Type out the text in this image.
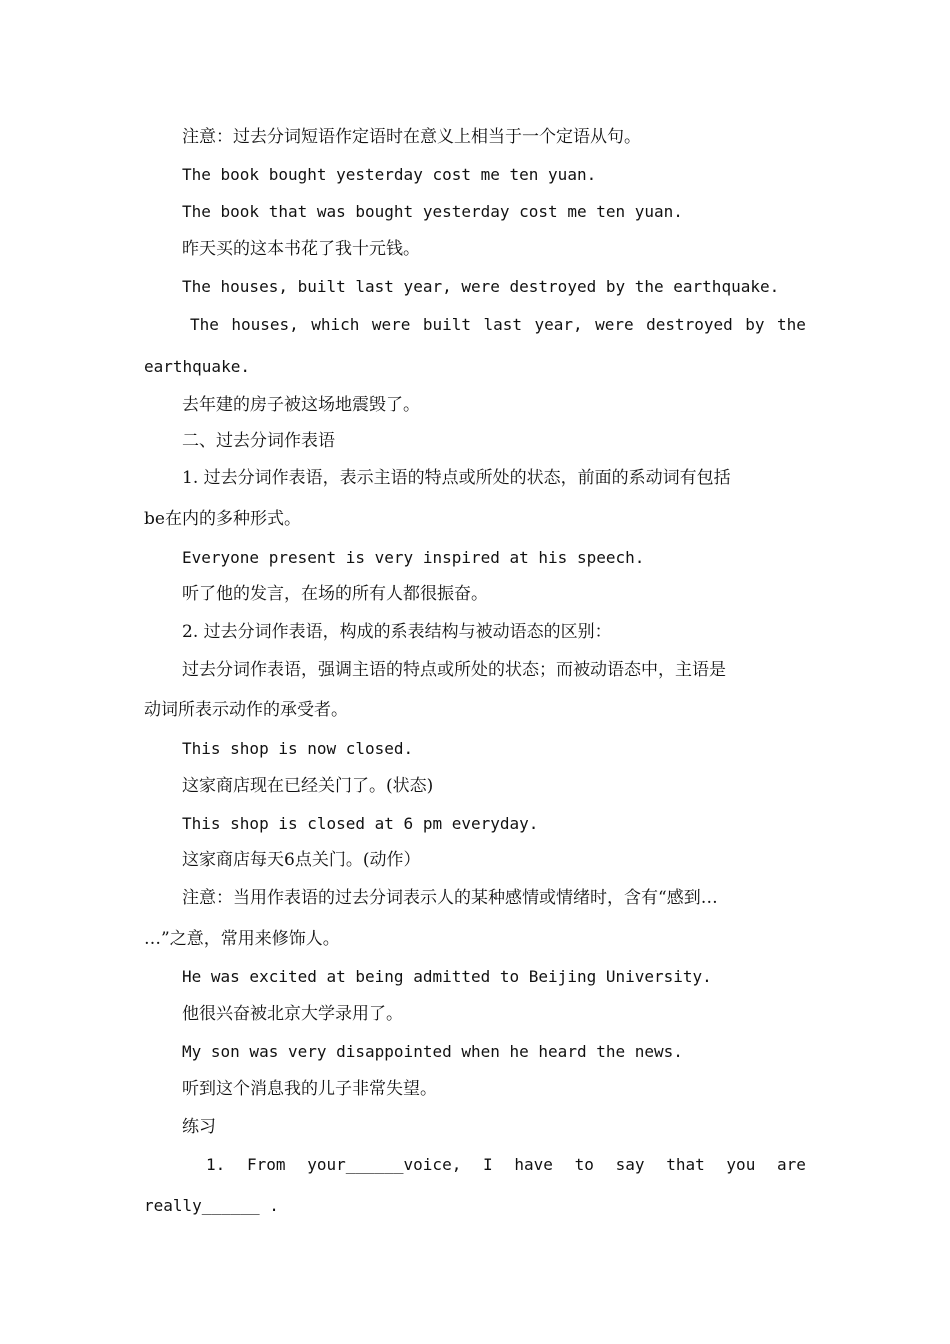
注意：过去分词短语作定语时在意义上相当于一个定语从句。
The book bought yesterday cost me ten yuan.
The book that was bought yesterday cost me ten yuan.
昨天买的这本书花了我十元钱。
The houses, built last year, were destroyed by the earthquake.
The houses, which were built last year, were destroyed by the
earthquake.
去年建的房子被这场地震毁了。
二、过去分词作表语
1. 过去分词作表语，表示主语的特点或所处的状态，前面的系动词有包括
be在内的多种形式。
Everyone present is very inspired at his speech.
听了他的发言，在场的所有人都很振奋。
2. 过去分词作表语，构成的系表结构与被动语态的区别：
过去分词作表语，强调主语的特点或所处的状态；而被动语态中，主语是
动词所表示动作的承受者。
This shop is now closed.
这家商店现在已经关门了。(状态)
This shop is closed at 6 pm everyday.
这家商店每天6点关门。(动作）
注意：当用作表语的过去分词表示人的某种感情或情绪时，含有“感到…
…”之意，常用来修饰人。
He was excited at being admitted to Beijing University.
他很兴奋被北京大学录用了。
My son was very disappointed when he heard the news.
听到这个消息我的儿子非常失望。
练习
1. From your______voice, I have to say that you are
really______ .
